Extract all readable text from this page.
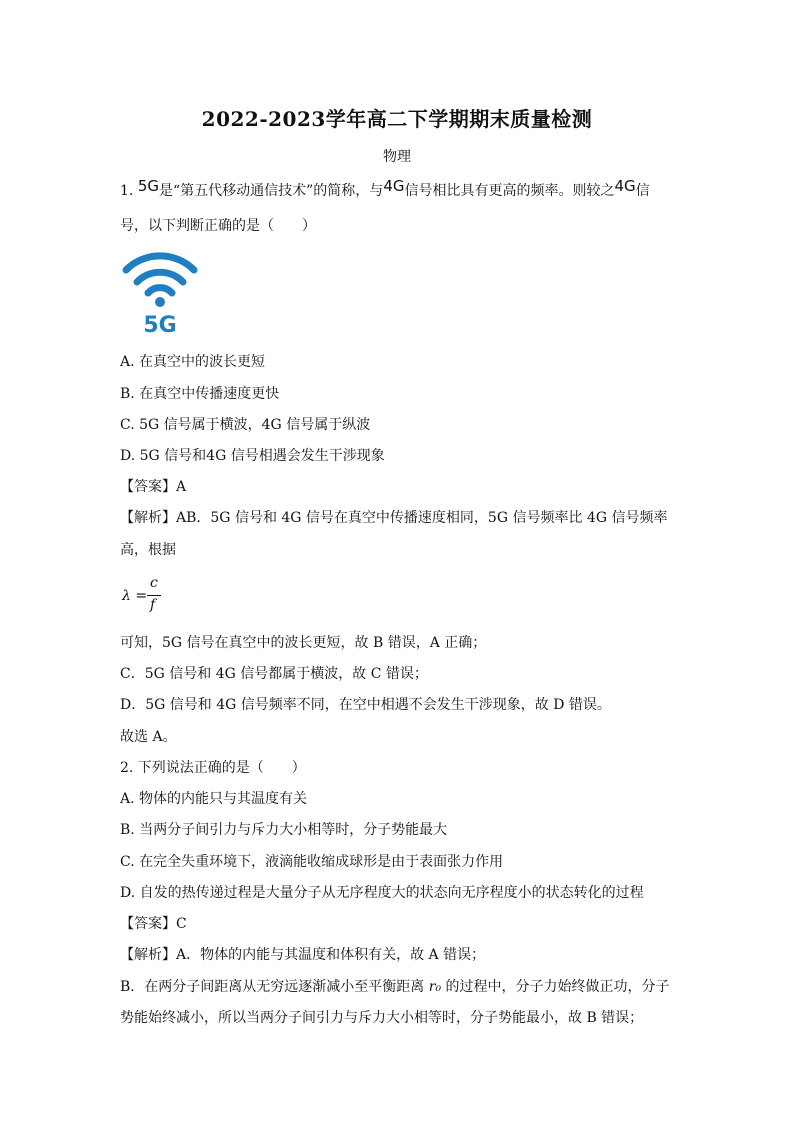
2022-2023学年高二下学期期末质量检测
物理
1. 5G是“第五代移动通信技术”的简称，与4G信号相比具有更高的频率。则较之4G信
号，以下判断正确的是（　　）
5G
A. 在真空中的波长更短
B. 在真空中传播速度更快
C. 5G 信号属于横波，4G 信号属于纵波
D. 5G 信号和4G 信号相遇会发生干涉现象
【答案】A
【解析】AB．5G 信号和 4G 信号在真空中传播速度相同，5G 信号频率比 4G 信号频率
高，根据
λ =
c
f
可知，5G 信号在真空中的波长更短，故 B 错误，A 正确；
C．5G 信号和 4G 信号都属于横波，故 C 错误；
D．5G 信号和 4G 信号频率不同，在空中相遇不会发生干涉现象，故 D 错误。
故选 A。
2. 下列说法正确的是（　　）
A. 物体的内能只与其温度有关
B. 当两分子间引力与斥力大小相等时，分子势能最大
C. 在完全失重环境下，液滴能收缩成球形是由于表面张力作用
D. 自发的热传递过程是大量分子从无序程度大的状态向无序程度小的状态转化的过程
【答案】C
【解析】A．物体的内能与其温度和体积有关，故 A 错误；
B．在两分子间距离从无穷远逐渐减小至平衡距离 r₀ 的过程中，分子力始终做正功，分子
势能始终减小，所以当两分子间引力与斥力大小相等时，分子势能最小，故 B 错误；
